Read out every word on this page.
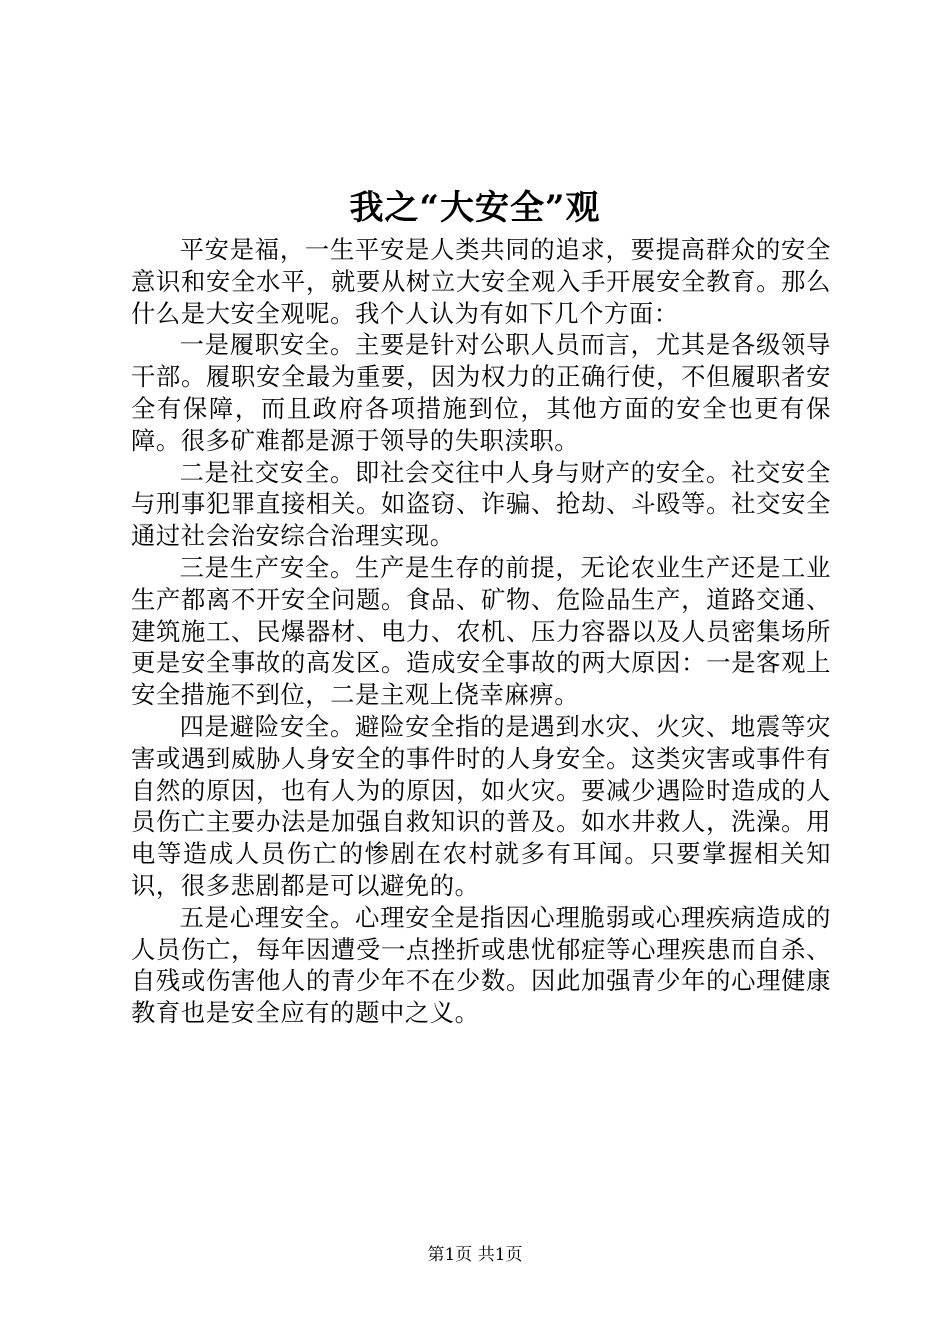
我之“大安全”观

平安是福，一生平安是人类共同的追求，要提高群众的安全意识和安全水平，就要从树立大安全观入手开展安全教育。那么什么是大安全观呢。我个人认为有如下几个方面：

一是履职安全。主要是针对公职人员而言，尤其是各级领导干部。履职安全最为重要，因为权力的正确行使，不但履职者安全有保障，而且政府各项措施到位，其他方面的安全也更有保障。很多矿难都是源于领导的失职渎职。

二是社交安全。即社会交往中人身与财产的安全。社交安全与刑事犯罪直接相关。如盗窃、诈骗、抢劫、斗殴等。社交安全通过社会治安综合治理实现。

三是生产安全。生产是生存的前提，无论农业生产还是工业生产都离不开安全问题。食品、矿物、危险品生产，道路交通、建筑施工、民爆器材、电力、农机、压力容器以及人员密集场所更是安全事故的高发区。造成安全事故的两大原因：一是客观上安全措施不到位，二是主观上侥幸麻痹。

四是避险安全。避险安全指的是遇到水灾、火灾、地震等灾害或遇到威胁人身安全的事件时的人身安全。这类灾害或事件有自然的原因，也有人为的原因，如火灾。要减少遇险时造成的人员伤亡主要办法是加强自救知识的普及。如水井救人，洗澡。用电等造成人员伤亡的惨剧在农村就多有耳闻。只要掌握相关知识，很多悲剧都是可以避免的。

五是心理安全。心理安全是指因心理脆弱或心理疾病造成的人员伤亡，每年因遭受一点挫折或患忧郁症等心理疾患而自杀、自残或伤害他人的青少年不在少数。因此加强青少年的心理健康教育也是安全应有的题中之义。

第1页 共1页
